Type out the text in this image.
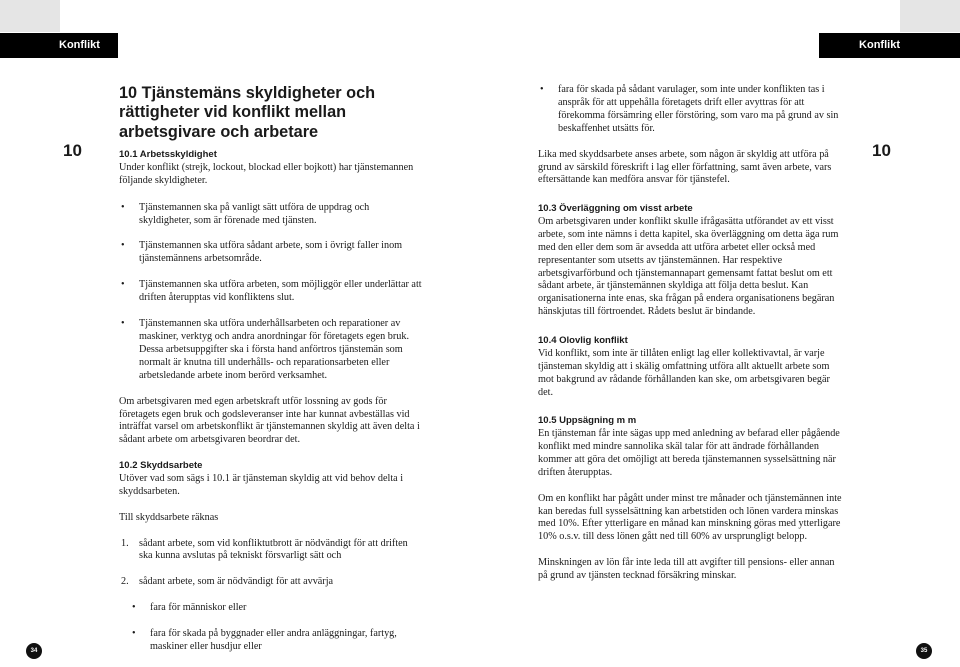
Konflikt	Konflikt
10	10
10 Tjänstemäns skyldigheter och rättigheter vid konflikt mellan arbetsgivare och arbetare
10.1 Arbetsskyldighet
Under konflikt (strejk, lockout, blockad eller bojkott) har tjänstemannen följande skyldigheter.
• Tjänstemannen ska på vanligt sätt utföra de uppdrag och skyldigheter, som är förenade med tjänsten.
• Tjänstemannen ska utföra sådant arbete, som i övrigt faller inom tjänstemännens arbetsområde.
• Tjänstemannen ska utföra arbeten, som möjliggör eller underlättar att driften återupptas vid konfliktens slut.
• Tjänstemannen ska utföra underhållsarbeten och reparationer av maskiner, verktyg och andra anordningar för företagets egen bruk. Dessa arbetsuppgifter ska i första hand anförtros tjänstemän som normalt är knutna till underhålls- och reparationsarbeten eller arbetsledande arbete inom berörd verksamhet.
Om arbetsgivaren med egen arbetskraft utför lossning av gods för företagets egen bruk och godsleveranser inte har kunnat avbeställas vid inträffat varsel om arbetskonflikt är tjänstemannen skyldig att även delta i sådant arbete om arbetsgivaren beordrar det.
10.2 Skyddsarbete
Utöver vad som sägs i 10.1 är tjänsteman skyldig att vid behov delta i skyddsarbeten.
Till skyddsarbete räknas
1. sådant arbete, som vid konfliktutbrott är nödvändigt för att driften ska kunna avslutas på tekniskt försvarligt sätt och
2. sådant arbete, som är nödvändigt för att avvärja
• fara för människor eller
• fara för skada på byggnader eller andra anläggningar, fartyg, maskiner eller husdjur eller
• fara för skada på sådant varulager, som inte under konflikten tas i anspråk för att uppehålla företagets drift eller avyttras för att förekomma försämring eller förstöring, som varo ma på grund av sin beskaffenhet utsätts för.
Lika med skyddsarbete anses arbete, som någon är skyldig att utföra på grund av särskild föreskrift i lag eller författning, samt även arbete, vars eftersättande kan medföra ansvar för tjänstefel.
10.3 Överläggning om visst arbete
Om arbetsgivaren under konflikt skulle ifrågasätta utförandet av ett visst arbete, som inte nämns i detta kapitel, ska överläggning om detta äga rum med den eller dem som är avsedda att utföra arbetet eller också med representanter som utsetts av tjänstemännen. Har respektive arbetsgivarförbund och tjänstemannapart gemensamt fattat beslut om ett sådant arbete, är tjänstemännen skyldiga att följa detta beslut. Kan organisationerna inte enas, ska frågan på endera organisationens begäran hänskjutas till förtroendet. Rådets beslut är bindande.
10.4 Olovlig konflikt
Vid konflikt, som inte är tillåten enligt lag eller kollektivavtal, är varje tjänsteman skyldig att i skälig omfattning utföra allt aktuellt arbete som mot bakgrund av rådande förhållanden kan ske, om arbetsgivaren begär det.
10.5 Uppsägning m m
En tjänsteman får inte sägas upp med anledning av befarad eller pågående konflikt med mindre sannolika skäl talar för att ändrade förhållanden kommer att göra det omöjligt att bereda tjänstemannen sysselsättning när driften återupptas.
Om en konflikt har pågått under minst tre månader och tjänstemännen inte kan beredas full sysselsättning kan arbetstiden och lönen vardera minskas med 10%. Efter ytterligare en månad kan minskning göras med ytterligare 10% o.s.v. till dess lönen gått ned till 60% av ursprungligt belopp.
Minskningen av lön får inte leda till att avgifter till pensions- eller annan på grund av tjänsten tecknad försäkring minskar.
34	35
